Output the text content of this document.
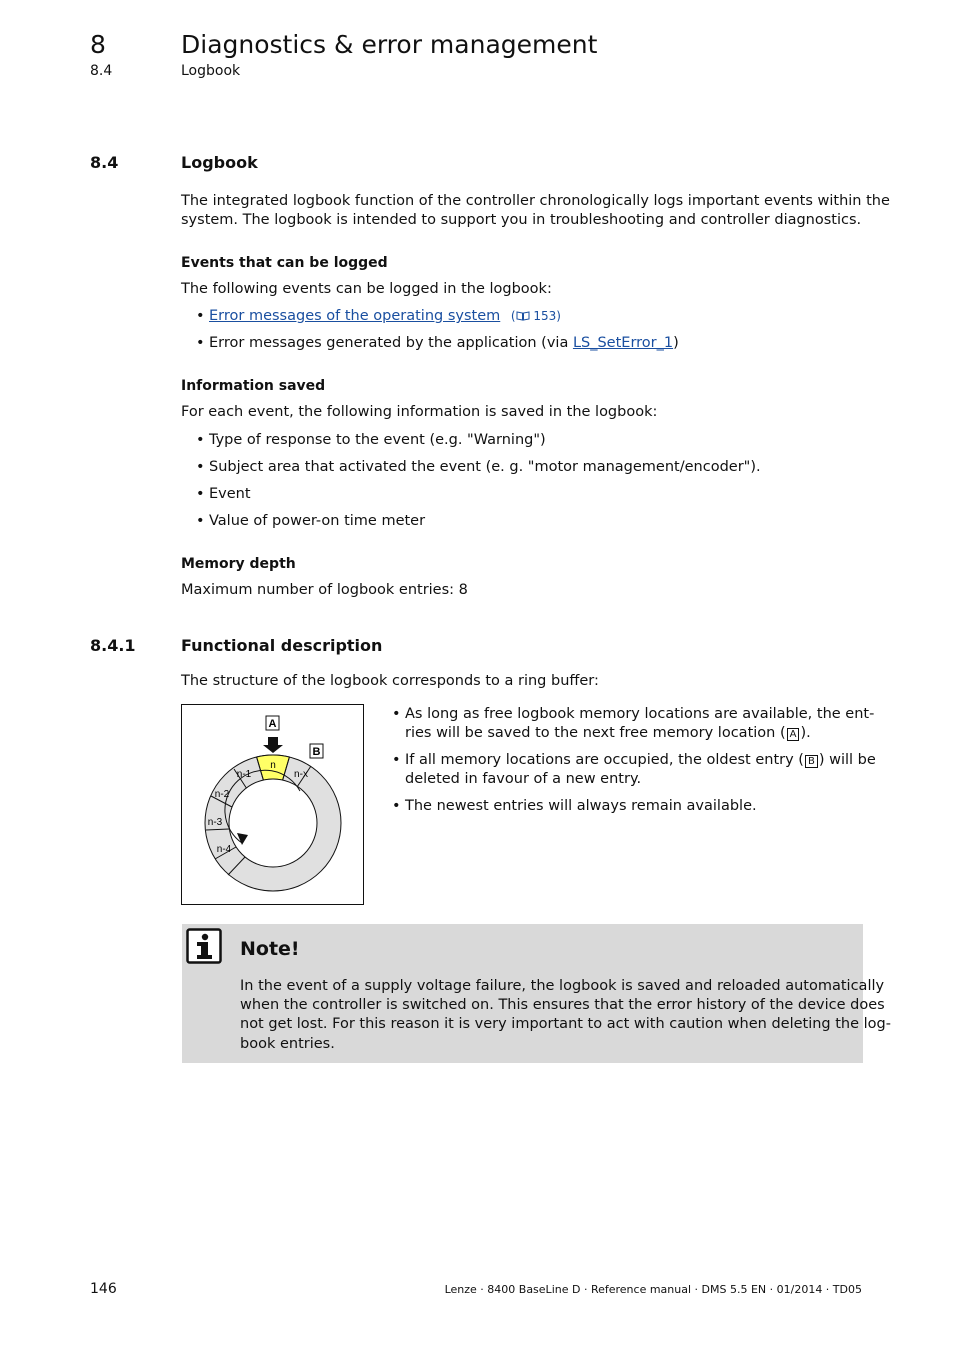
8	Diagnostics & error management
8.4	Logbook
________________________________________________________________
8.4	Logbook
The integrated logbook function of the controller chronologically logs important events within the
system. The logbook is intended to support you in troubleshooting and controller diagnostics.
Events that can be logged
The following events can be logged in the logbook:
• Error messages of the operating system ( 153)
• Error messages generated by the application (via LS_SetError_1)
Information saved
For each event, the following information is saved in the logbook:
• Type of response to the event (e.g. "Warning")
• Subject area that activated the event (e. g. "motor management/encoder").
• Event
• Value of power-on time meter
Memory depth
Maximum number of logbook entries: 8
8.4.1	Functional description
The structure of the logbook corresponds to a ring buffer:
A
B
n
n-x
n-1
n-2
n-3
n-4
• As long as free logbook memory locations are available, the ent-
ries will be saved to the next free memory location ( A ).
• If all memory locations are occupied, the oldest entry ( B ) will be
deleted in favour of a new entry.
• The newest entries will always remain available.
Note!
In the event of a supply voltage failure, the logbook is saved and reloaded automatically
when the controller is switched on. This ensures that the error history of the device does
not get lost. For this reason it is very important to act with caution when deleting the log-
book entries.
146	Lenze · 8400 BaseLine D · Reference manual · DMS 5.5 EN · 01/2014 · TD05
